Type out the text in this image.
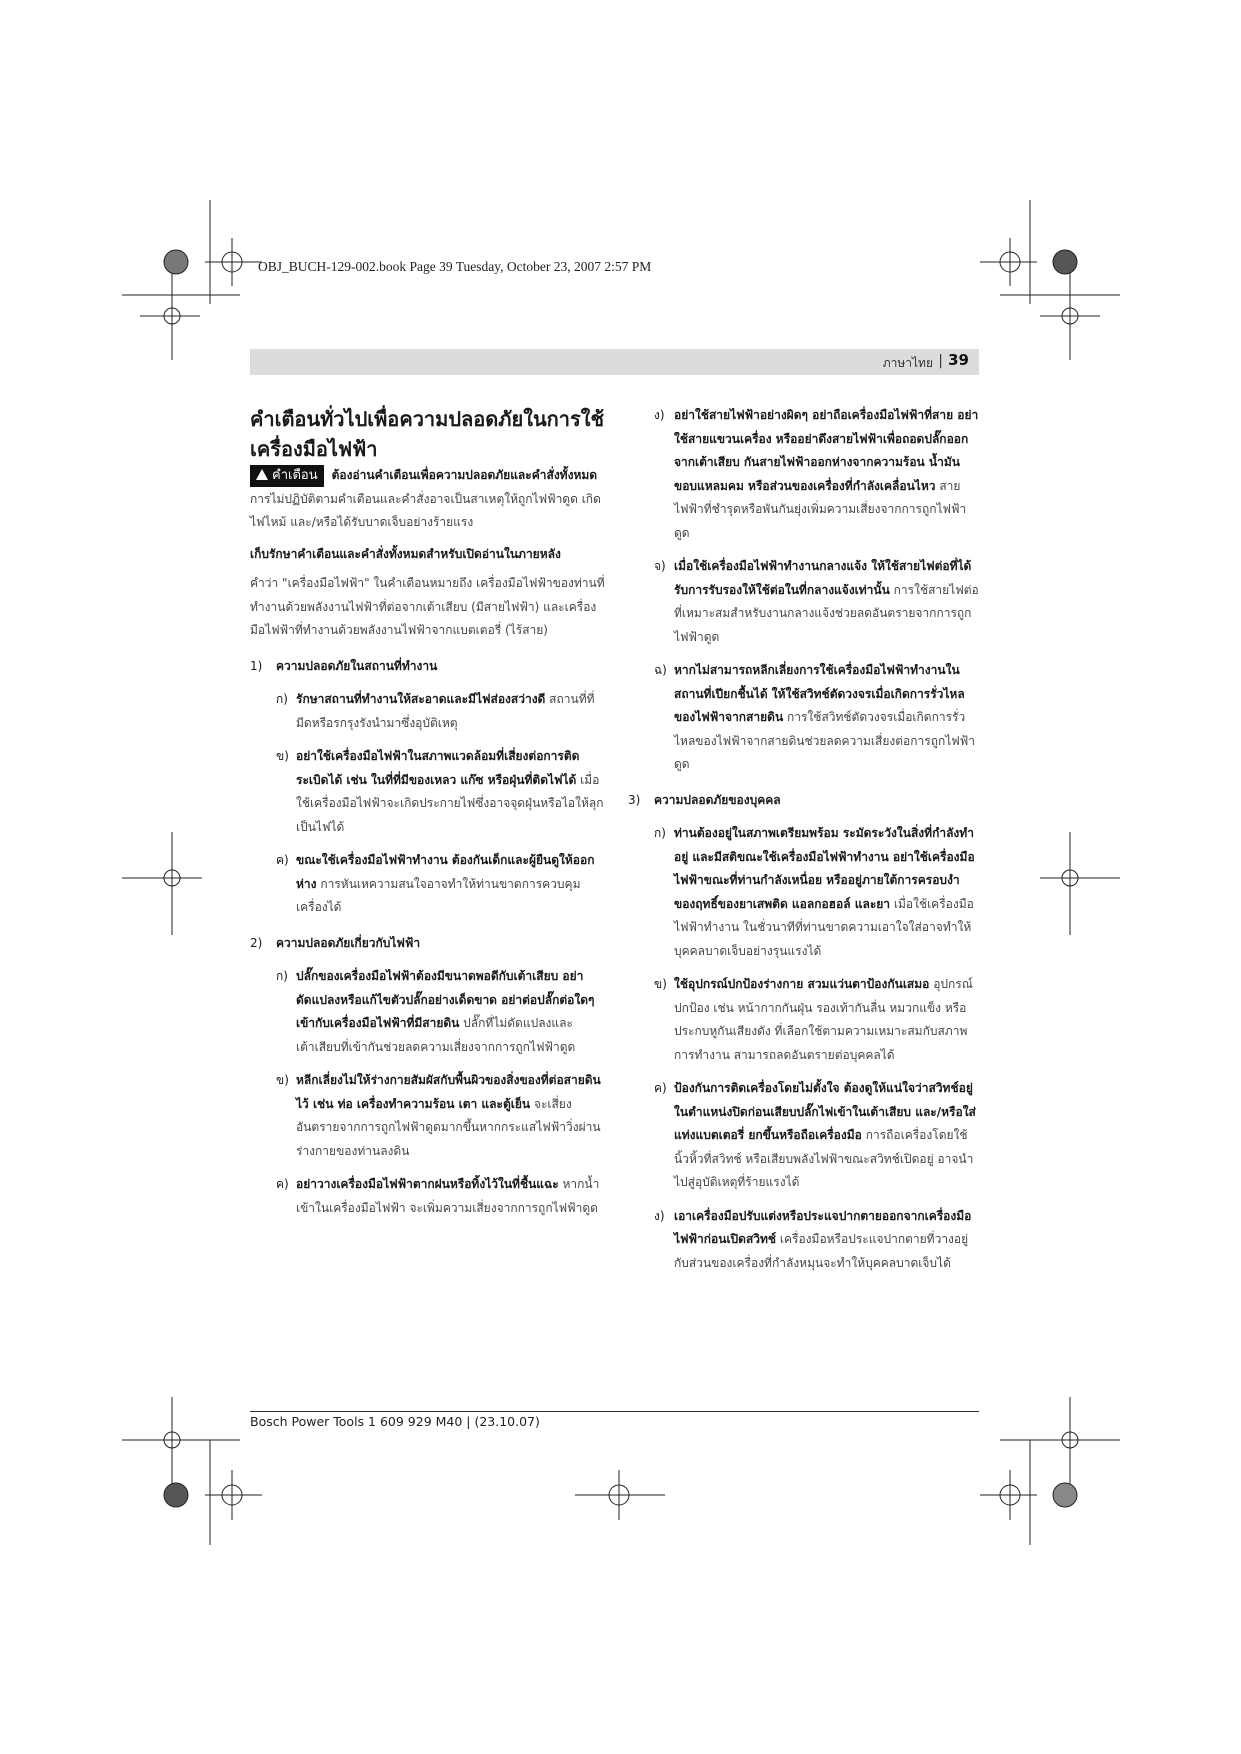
OBJ_BUCH-129-002.book Page 39 Tuesday, October 23, 2007 2:57 PM
ภาษาไทย | 39

คำเตือนทั่วไปเพื่อความปลอดภัยในการใช้เครื่องมือไฟฟ้า

คำเตือน	ต้องอ่านคำเตือนเพื่อความปลอดภัยและคำสั่งทั้งหมด การไม่ปฏิบัติตามคำเตือนและคำสั่งอาจเป็นสาเหตุให้ถูกไฟฟ้าดูด เกิดไฟไหม้ และ/หรือได้รับบาดเจ็บอย่างร้ายแรง

เก็บรักษาคำเตือนและคำสั่งทั้งหมดสำหรับเปิดอ่านในภายหลัง

คำว่า "เครื่องมือไฟฟ้า" ในคำเตือนหมายถึง เครื่องมือไฟฟ้าของท่านที่ทำงานด้วยพลังงานไฟฟ้าที่ต่อจากเต้าเสียบ (มีสายไฟฟ้า) และเครื่องมือไฟฟ้าที่ทำงานด้วยพลังงานไฟฟ้าจากแบตเตอรี่ (ไร้สาย)

1) ความปลอดภัยในสถานที่ทำงาน
ก) รักษาสถานที่ทำงานให้สะอาดและมีไฟส่องสว่างดี สถานที่ที่มีดหรือรกรุงรังนำมาซึ่งอุบัติเหตุ
ข) อย่าใช้เครื่องมือไฟฟ้าในสภาพแวดล้อมที่เสี่ยงต่อการติดระเบิดได้ เช่น ในที่ที่มีของเหลว แก๊ซ หรือฝุ่นที่ติดไฟได้ เมื่อใช้เครื่องมือไฟฟ้าจะเกิดประกายไฟซึ่งอาจจุดฝุ่นหรือไอให้ลุกเป็นไฟได้
ค) ขณะใช้เครื่องมือไฟฟ้าทำงาน ต้องกันเด็กและผู้ยืนดูให้ออกห่าง การหันเหความสนใจอาจทำให้ท่านขาดการควบคุมเครื่องได้
2) ความปลอดภัยเกี่ยวกับไฟฟ้า
ก) ปลั๊กของเครื่องมือไฟฟ้าต้องมีขนาดพอดีกับเต้าเสียบ อย่าดัดแปลงหรือแก้ไขตัวปลั๊กอย่างเด็ดขาด อย่าต่อปลั๊กต่อใดๆ เข้ากับเครื่องมือไฟฟ้าที่มีสายดิน ปลั๊กที่ไม่ดัดแปลงและเต้าเสียบที่เข้ากันช่วยลดความเสี่ยงจากการถูกไฟฟ้าดูด
ข) หลีกเลี่ยงไม่ให้ร่างกายสัมผัสกับพื้นผิวของสิ่งของที่ต่อสายดินไว้ เช่น ท่อ เครื่องทำความร้อน เตา และตู้เย็น จะเสี่ยงอันตรายจากการถูกไฟฟ้าดูดมากขึ้นหากกระแสไฟฟ้าวิ่งผ่านร่างกายของท่านลงดิน
ค) อย่าวางเครื่องมือไฟฟ้าตากฝนหรือทิ้งไว้ในที่ชื้นแฉะ หากน้ำเข้าในเครื่องมือไฟฟ้า จะเพิ่มความเสี่ยงจากการถูกไฟฟ้าดูด
ง) อย่าใช้สายไฟฟ้าอย่างผิดๆ อย่าถือเครื่องมือไฟฟ้าที่สาย อย่าใช้สายแขวนเครื่อง หรืออย่าดึงสายไฟฟ้าเพื่อถอดปลั๊กออกจากเต้าเสียบ กันสายไฟฟ้าออกห่างจากความร้อน น้ำมัน ขอบแหลมคม หรือส่วนของเครื่องที่กำลังเคลื่อนไหว สายไฟฟ้าที่ชำรุดหรือพันกันยุ่งเพิ่มความเสี่ยงจากการถูกไฟฟ้าดูด
จ) เมื่อใช้เครื่องมือไฟฟ้าทำงานกลางแจ้ง ให้ใช้สายไฟต่อที่ได้รับการรับรองให้ใช้ต่อในที่กลางแจ้งเท่านั้น การใช้สายไฟต่อที่เหมาะสมสำหรับงานกลางแจ้งช่วยลดอันตรายจากการถูกไฟฟ้าดูด
ฉ) หากไม่สามารถหลีกเลี่ยงการใช้เครื่องมือไฟฟ้าทำงานในสถานที่เปียกชื้นได้ ให้ใช้สวิทช์ตัดวงจรเมื่อเกิดการรั่วไหลของไฟฟ้าจากสายดิน การใช้สวิทช์ตัดวงจรเมื่อเกิดการรั่วไหลของไฟฟ้าจากสายดินช่วยลดความเสี่ยงต่อการถูกไฟฟ้าดูด
3) ความปลอดภัยของบุคคล
ก) ท่านต้องอยู่ในสภาพเตรียมพร้อม ระมัดระวังในสิ่งที่กำลังทำอยู่ และมีสติขณะใช้เครื่องมือไฟฟ้าทำงาน อย่าใช้เครื่องมือไฟฟ้าขณะที่ท่านกำลังเหนื่อย หรืออยู่ภายใต้การครอบงำของฤทธิ์ของยาเสพติด แอลกอฮอล์ และยา เมื่อใช้เครื่องมือไฟฟ้าทำงาน ในชั่วนาทีที่ท่านขาดความเอาใจใส่อาจทำให้บุคคลบาดเจ็บอย่างรุนแรงได้
ข) ใช้อุปกรณ์ปกป้องร่างกาย สวมแว่นตาป้องกันเสมอ อุปกรณ์ปกป้อง เช่น หน้ากากกันฝุ่น รองเท้ากันลื่น หมวกแข็ง หรือประกบหูกันเสียงดัง ที่เลือกใช้ตามความเหมาะสมกับสภาพการทำงาน สามารถลดอันตรายต่อบุคคลได้
ค) ป้องกันการติดเครื่องโดยไม่ตั้งใจ ต้องดูให้แน่ใจว่าสวิทช์อยู่ในตำแหน่งปิดก่อนเสียบปลั๊กไฟเข้าในเต้าเสียบ และ/หรือใส่แท่งแบตเตอรี่ ยกขึ้นหรือถือเครื่องมือ การถือเครื่องโดยใช้นิ้วหิ้วที่สวิทช์ หรือเสียบพลังไฟฟ้าขณะสวิทช์เปิดอยู่ อาจนำไปสู่อุบัติเหตุที่ร้ายแรงได้
ง) เอาเครื่องมือปรับแต่งหรือประแจปากตายออกจากเครื่องมือไฟฟ้าก่อนเปิดสวิทช์ เครื่องมือหรือประแจปากตายที่วางอยู่กับส่วนของเครื่องที่กำลังหมุนจะทำให้บุคคลบาดเจ็บได้
Bosch Power Tools 1 609 929 M40 | (23.10.07)
